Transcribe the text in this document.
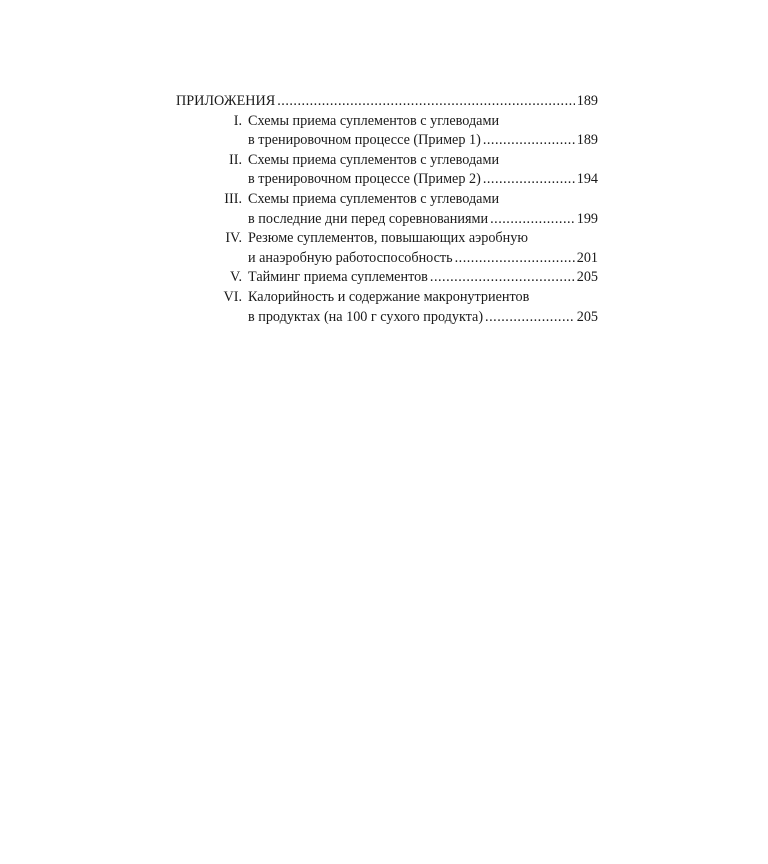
ПРИЛОЖЕНИЯ .....	189
I. Схемы приема суплементов с углеводами
в тренировочном процессе (Пример 1) .....	189
II. Схемы приема суплементов с углеводами
в тренировочном процессе (Пример 2) .....	194
III. Схемы приема суплементов с углеводами
в последние дни перед соревнованиями .....	199
IV. Резюме суплементов, повышающих аэробную
и анаэробную работоспособность .....	201
V. Тайминг приема суплементов .....	205
VI. Калорийность и содержание макронутриентов
в продуктах (на 100 г сухого продукта) .....	205
